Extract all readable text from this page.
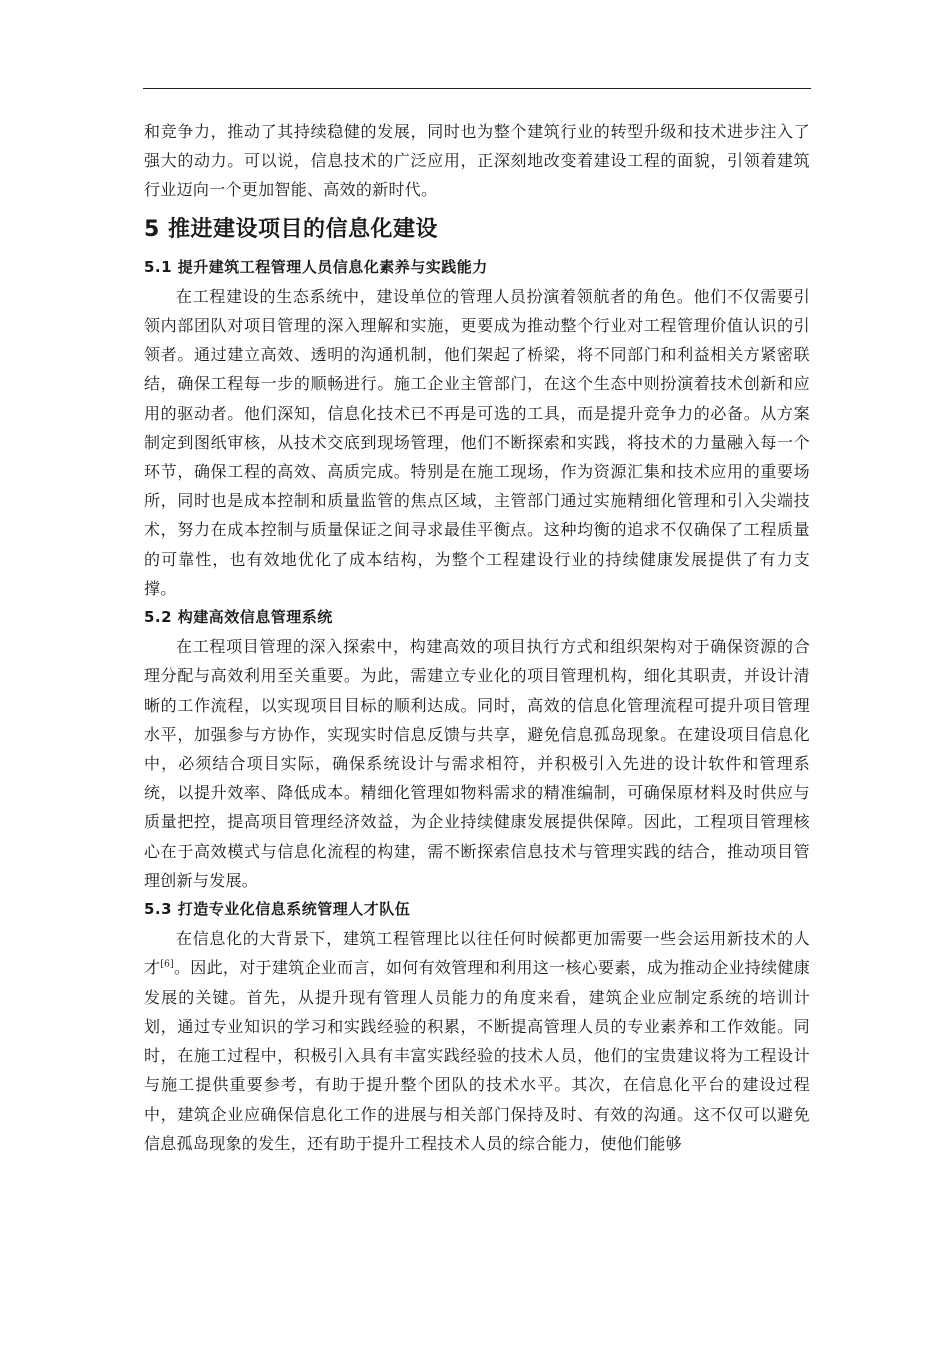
和竞争力，推动了其持续稳健的发展，同时也为整个建筑行业的转型升级和技术进步注入了强大的动力。可以说，信息技术的广泛应用，正深刻地改变着建设工程的面貌，引领着建筑行业迈向一个更加智能、高效的新时代。

5 推进建设项目的信息化建设
5.1 提升建筑工程管理人员信息化素养与实践能力

在工程建设的生态系统中，建设单位的管理人员扮演着领航者的角色。他们不仅需要引领内部团队对项目管理的深入理解和实施，更要成为推动整个行业对工程管理价值认识的引领者。通过建立高效、透明的沟通机制，他们架起了桥梁，将不同部门和利益相关方紧密联结，确保工程每一步的顺畅进行。施工企业主管部门，在这个生态中则扮演着技术创新和应用的驱动者。他们深知，信息化技术已不再是可选的工具，而是提升竞争力的必备。从方案制定到图纸审核，从技术交底到现场管理，他们不断探索和实践，将技术的力量融入每一个环节，确保工程的高效、高质完成。特别是在施工现场，作为资源汇集和技术应用的重要场所，同时也是成本控制和质量监管的焦点区域，主管部门通过实施精细化管理和引入尖端技术，努力在成本控制与质量保证之间寻求最佳平衡点。这种均衡的追求不仅确保了工程质量的可靠性，也有效地优化了成本结构，为整个工程建设行业的持续健康发展提供了有力支撑。

5.2 构建高效信息管理系统

在工程项目管理的深入探索中，构建高效的项目执行方式和组织架构对于确保资源的合理分配与高效利用至关重要。为此，需建立专业化的项目管理机构，细化其职责，并设计清晰的工作流程，以实现项目目标的顺利达成。同时，高效的信息化管理流程可提升项目管理水平，加强参与方协作，实现实时信息反馈与共享，避免信息孤岛现象。在建设项目信息化中，必须结合项目实际，确保系统设计与需求相符，并积极引入先进的设计软件和管理系统，以提升效率、降低成本。精细化管理如物料需求的精准编制，可确保原材料及时供应与质量把控，提高项目管理经济效益，为企业持续健康发展提供保障。因此，工程项目管理核心在于高效模式与信息化流程的构建，需不断探索信息技术与管理实践的结合，推动项目管理创新与发展。

5.3 打造专业化信息系统管理人才队伍

在信息化的大背景下，建筑工程管理比以往任何时候都更加需要一些会运用新技术的人才[6]。因此，对于建筑企业而言，如何有效管理和利用这一核心要素，成为推动企业持续健康发展的关键。首先，从提升现有管理人员能力的角度来看，建筑企业应制定系统的培训计划，通过专业知识的学习和实践经验的积累，不断提高管理人员的专业素养和工作效能。同时，在施工过程中，积极引入具有丰富实践经验的技术人员，他们的宝贵建议将为工程设计与施工提供重要参考，有助于提升整个团队的技术水平。其次，在信息化平台的建设过程中，建筑企业应确保信息化工作的进展与相关部门保持及时、有效的沟通。这不仅可以避免信息孤岛现象的发生，还有助于提升工程技术人员的综合能力，使他们能够
